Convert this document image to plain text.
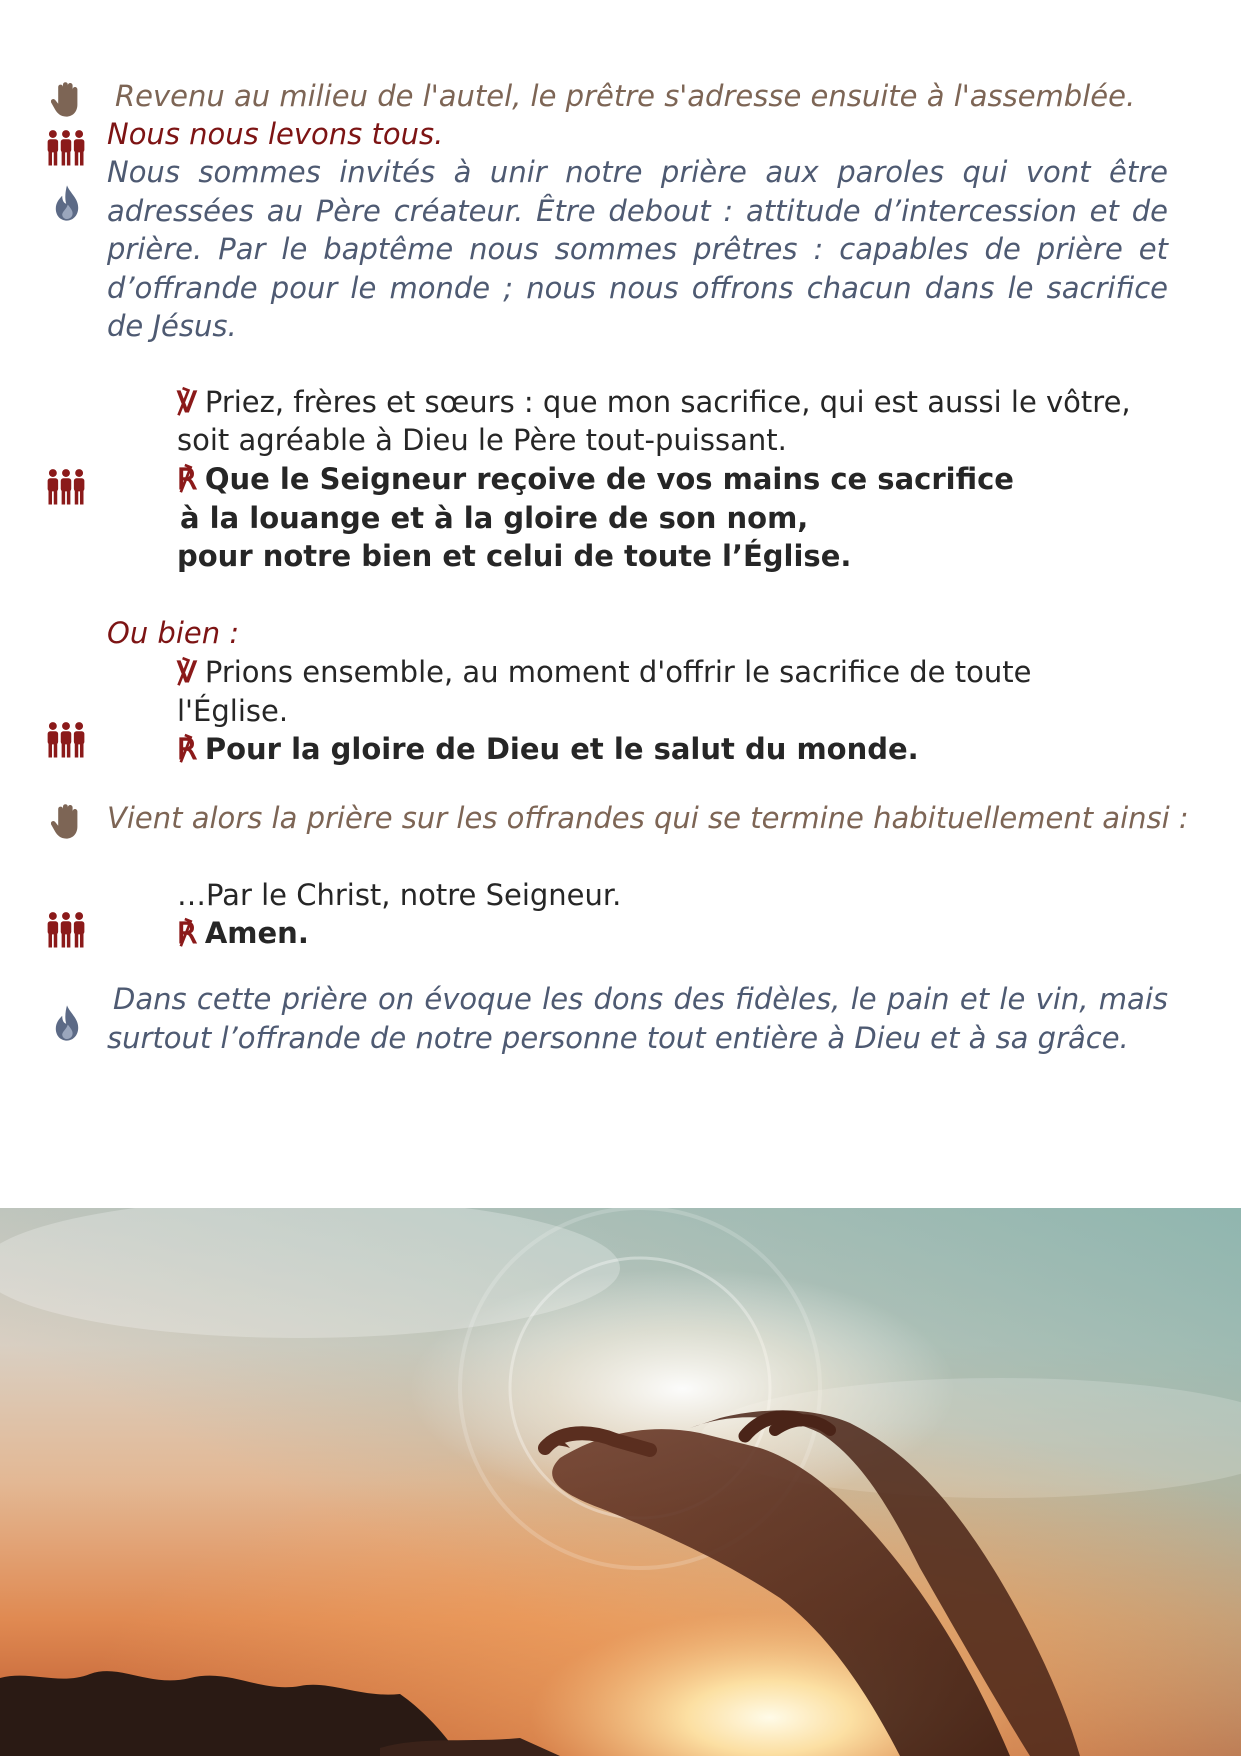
Revenu au milieu de l'autel, le prêtre s'adresse ensuite à l'assemblée.
Nous nous levons tous.
Nous sommes invités à unir notre prière aux paroles qui vont être adressées au Père créateur. Être debout : attitude d’intercession et de prière. Par le baptême nous sommes prêtres : capables de prière et d’offrande pour le monde ; nous nous offrons chacun dans le sacrifice de Jésus.
℣ Priez, frères et sœurs : que mon sacrifice, qui est aussi le vôtre,
soit agréable à Dieu le Père tout-puissant.
℟ Que le Seigneur reçoive de vos mains ce sacrifice
à la louange et à la gloire de son nom,
pour notre bien et celui de toute l’Église.
Ou bien :
℣ Prions ensemble, au moment d'offrir le sacrifice de toute
l'Église.
℟ Pour la gloire de Dieu et le salut du monde.
Vient alors la prière sur les offrandes qui se termine habituellement ainsi :
…Par le Christ, notre Seigneur.
℟ Amen.
Dans cette prière on évoque les dons des fidèles, le pain et le vin, mais surtout l’offrande de notre personne tout entière à Dieu et à sa grâce.
